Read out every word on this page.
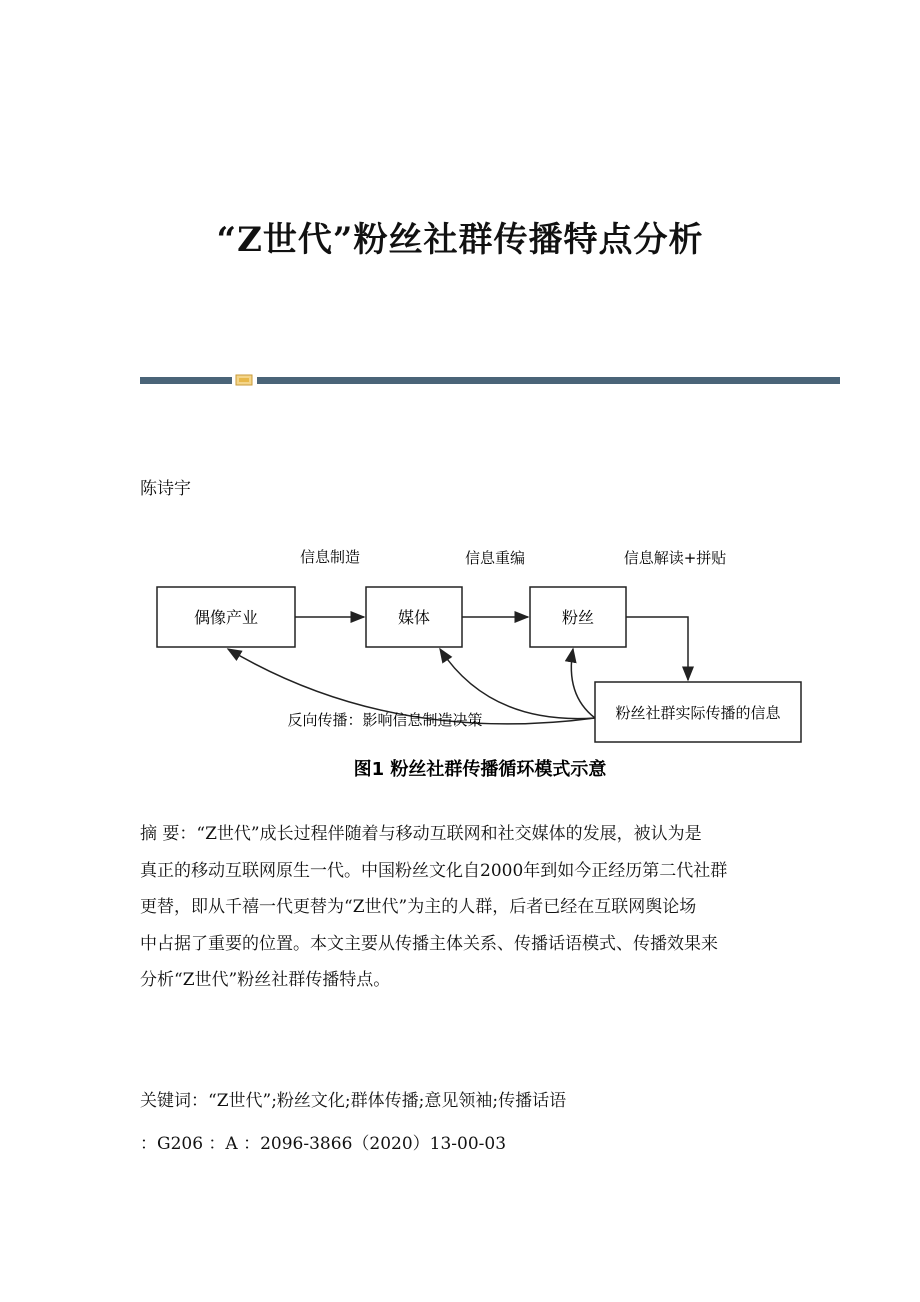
“Z世代”粉丝社群传播特点分析
陈诗宇
信息制造	信息重编	信息解读+拼贴
偶像产业	媒体	粉丝
粉丝社群实际传播的信息
反向传播：影响信息制造决策
图1 粉丝社群传播循环模式示意
摘 要：“Z世代”成长过程伴随着与移动互联网和社交媒体的发展，被认为是
真正的移动互联网原生一代。中国粉丝文化自2000年到如今正经历第二代社群
更替，即从千禧一代更替为“Z世代”为主的人群，后者已经在互联网舆论场
中占据了重要的位置。本文主要从传播主体关系、传播话语模式、传播效果来
分析“Z世代”粉丝社群传播特点。
关键词：“Z世代”;粉丝文化;群体传播;意见领袖;传播话语
：G206 ：A ：2096-3866（2020）13-00-03
